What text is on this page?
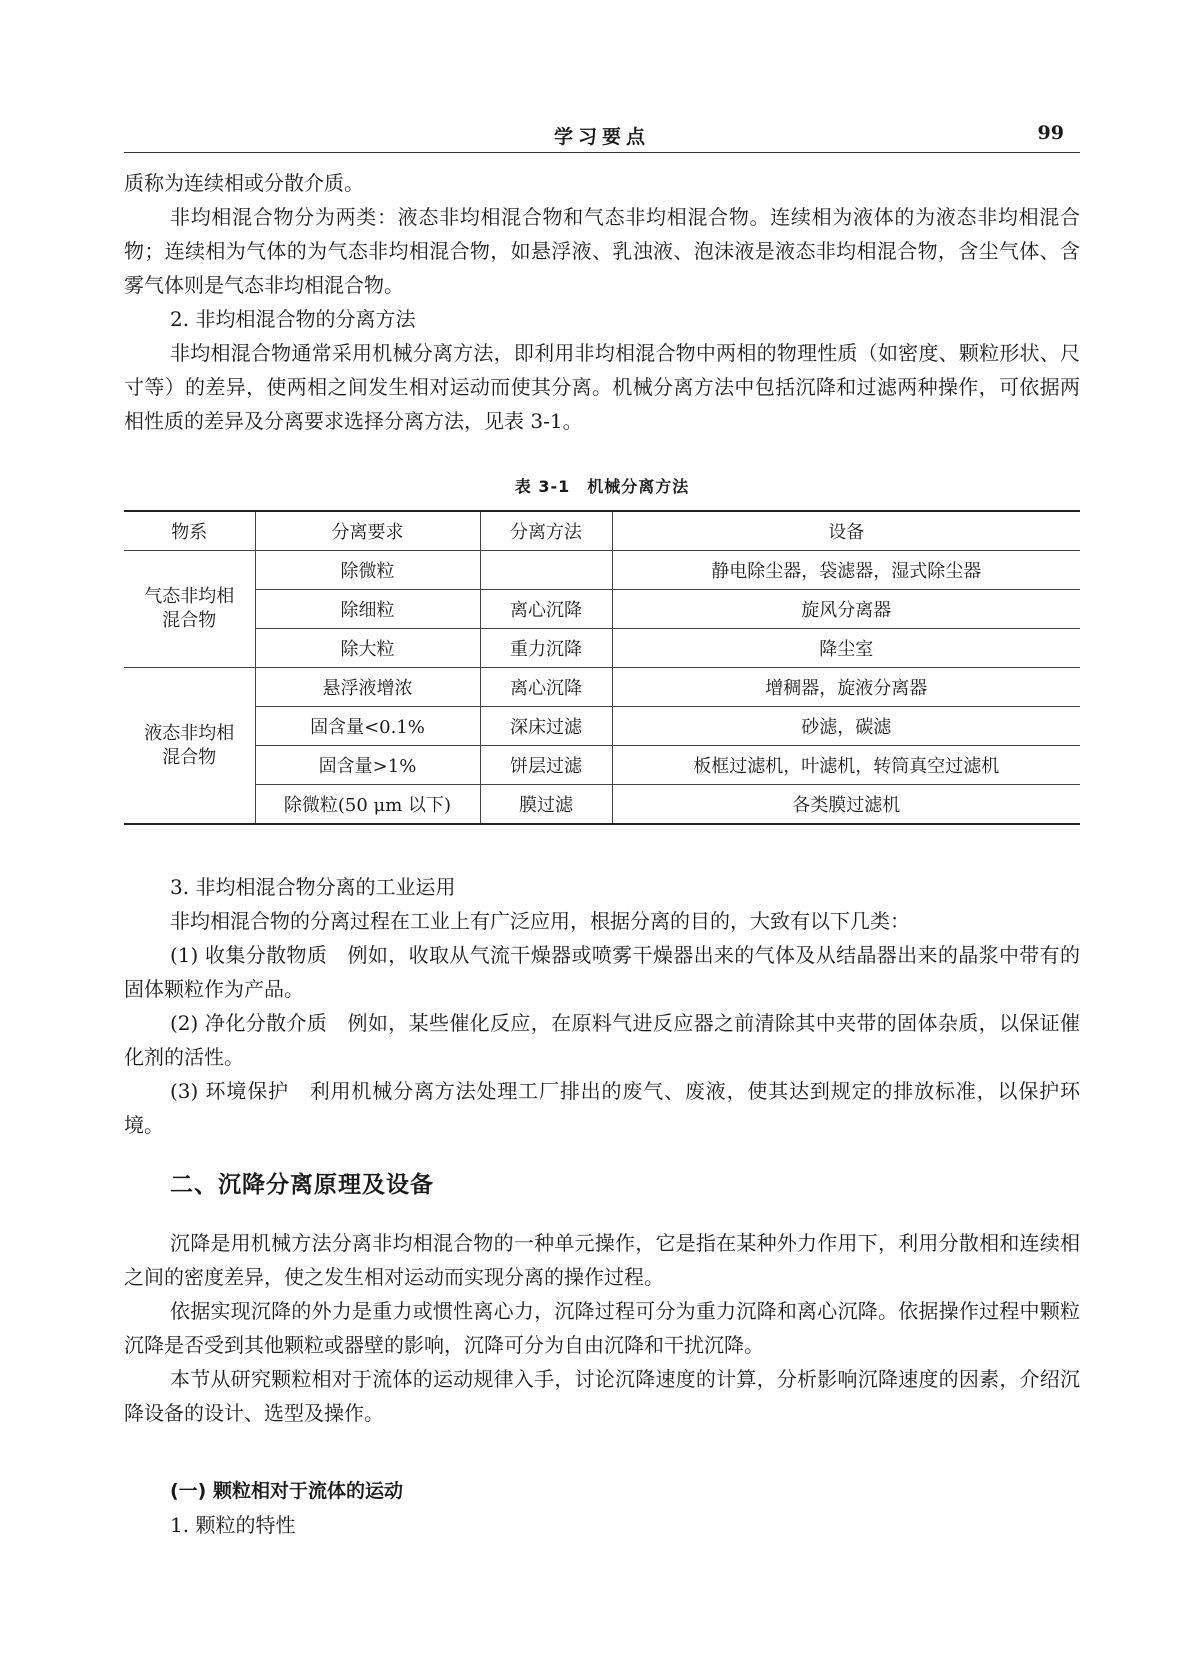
学习要点	99
质称为连续相或分散介质。
非均相混合物分为两类：液态非均相混合物和气态非均相混合物。连续相为液体的为液态非均相混合物；连续相为气体的为气态非均相混合物，如悬浮液、乳浊液、泡沫液是液态非均相混合物，含尘气体、含雾气体则是气态非均相混合物。
2. 非均相混合物的分离方法
非均相混合物通常采用机械分离方法，即利用非均相混合物中两相的物理性质（如密度、颗粒形状、尺寸等）的差异，使两相之间发生相对运动而使其分离。机械分离方法中包括沉降和过滤两种操作，可依据两相性质的差异及分离要求选择分离方法，见表 3-1。
表 3-1　机械分离方法
物系	分离要求	分离方法	设备

气态非均相混合物	除微粒		静电除尘器，袋滤器，湿式除尘器
	除细粒	离心沉降	旋风分离器
	除大粒	重力沉降	降尘室

液态非均相混合物	悬浮液增浓	离心沉降	增稠器，旋液分离器
	固含量<0.1%	深床过滤	砂滤，碳滤
	固含量>1%	饼层过滤	板框过滤机，叶滤机，转筒真空过滤机
	除微粒(50 μm 以下)	膜过滤	各类膜过滤机
3. 非均相混合物分离的工业运用
非均相混合物的分离过程在工业上有广泛应用，根据分离的目的，大致有以下几类：
(1) 收集分散物质　 例如，收取从气流干燥器或喷雾干燥器出来的气体及从结晶器出来的晶浆中带有的固体颗粒作为产品。
(2) 净化分散介质　 例如，某些催化反应，在原料气进反应器之前清除其中夹带的固体杂质，以保证催化剂的活性。
(3) 环境保护　 利用机械分离方法处理工厂排出的废气、废液，使其达到规定的排放标准，以保护环境。
二、沉降分离原理及设备
沉降是用机械方法分离非均相混合物的一种单元操作，它是指在某种外力作用下，利用分散相和连续相之间的密度差异，使之发生相对运动而实现分离的操作过程。
依据实现沉降的外力是重力或惯性离心力，沉降过程可分为重力沉降和离心沉降。依据操作过程中颗粒沉降是否受到其他颗粒或器壁的影响，沉降可分为自由沉降和干扰沉降。
本节从研究颗粒相对于流体的运动规律入手，讨论沉降速度的计算，分析影响沉降速度的因素，介绍沉降设备的设计、选型及操作。
(一) 颗粒相对于流体的运动
1. 颗粒的特性
